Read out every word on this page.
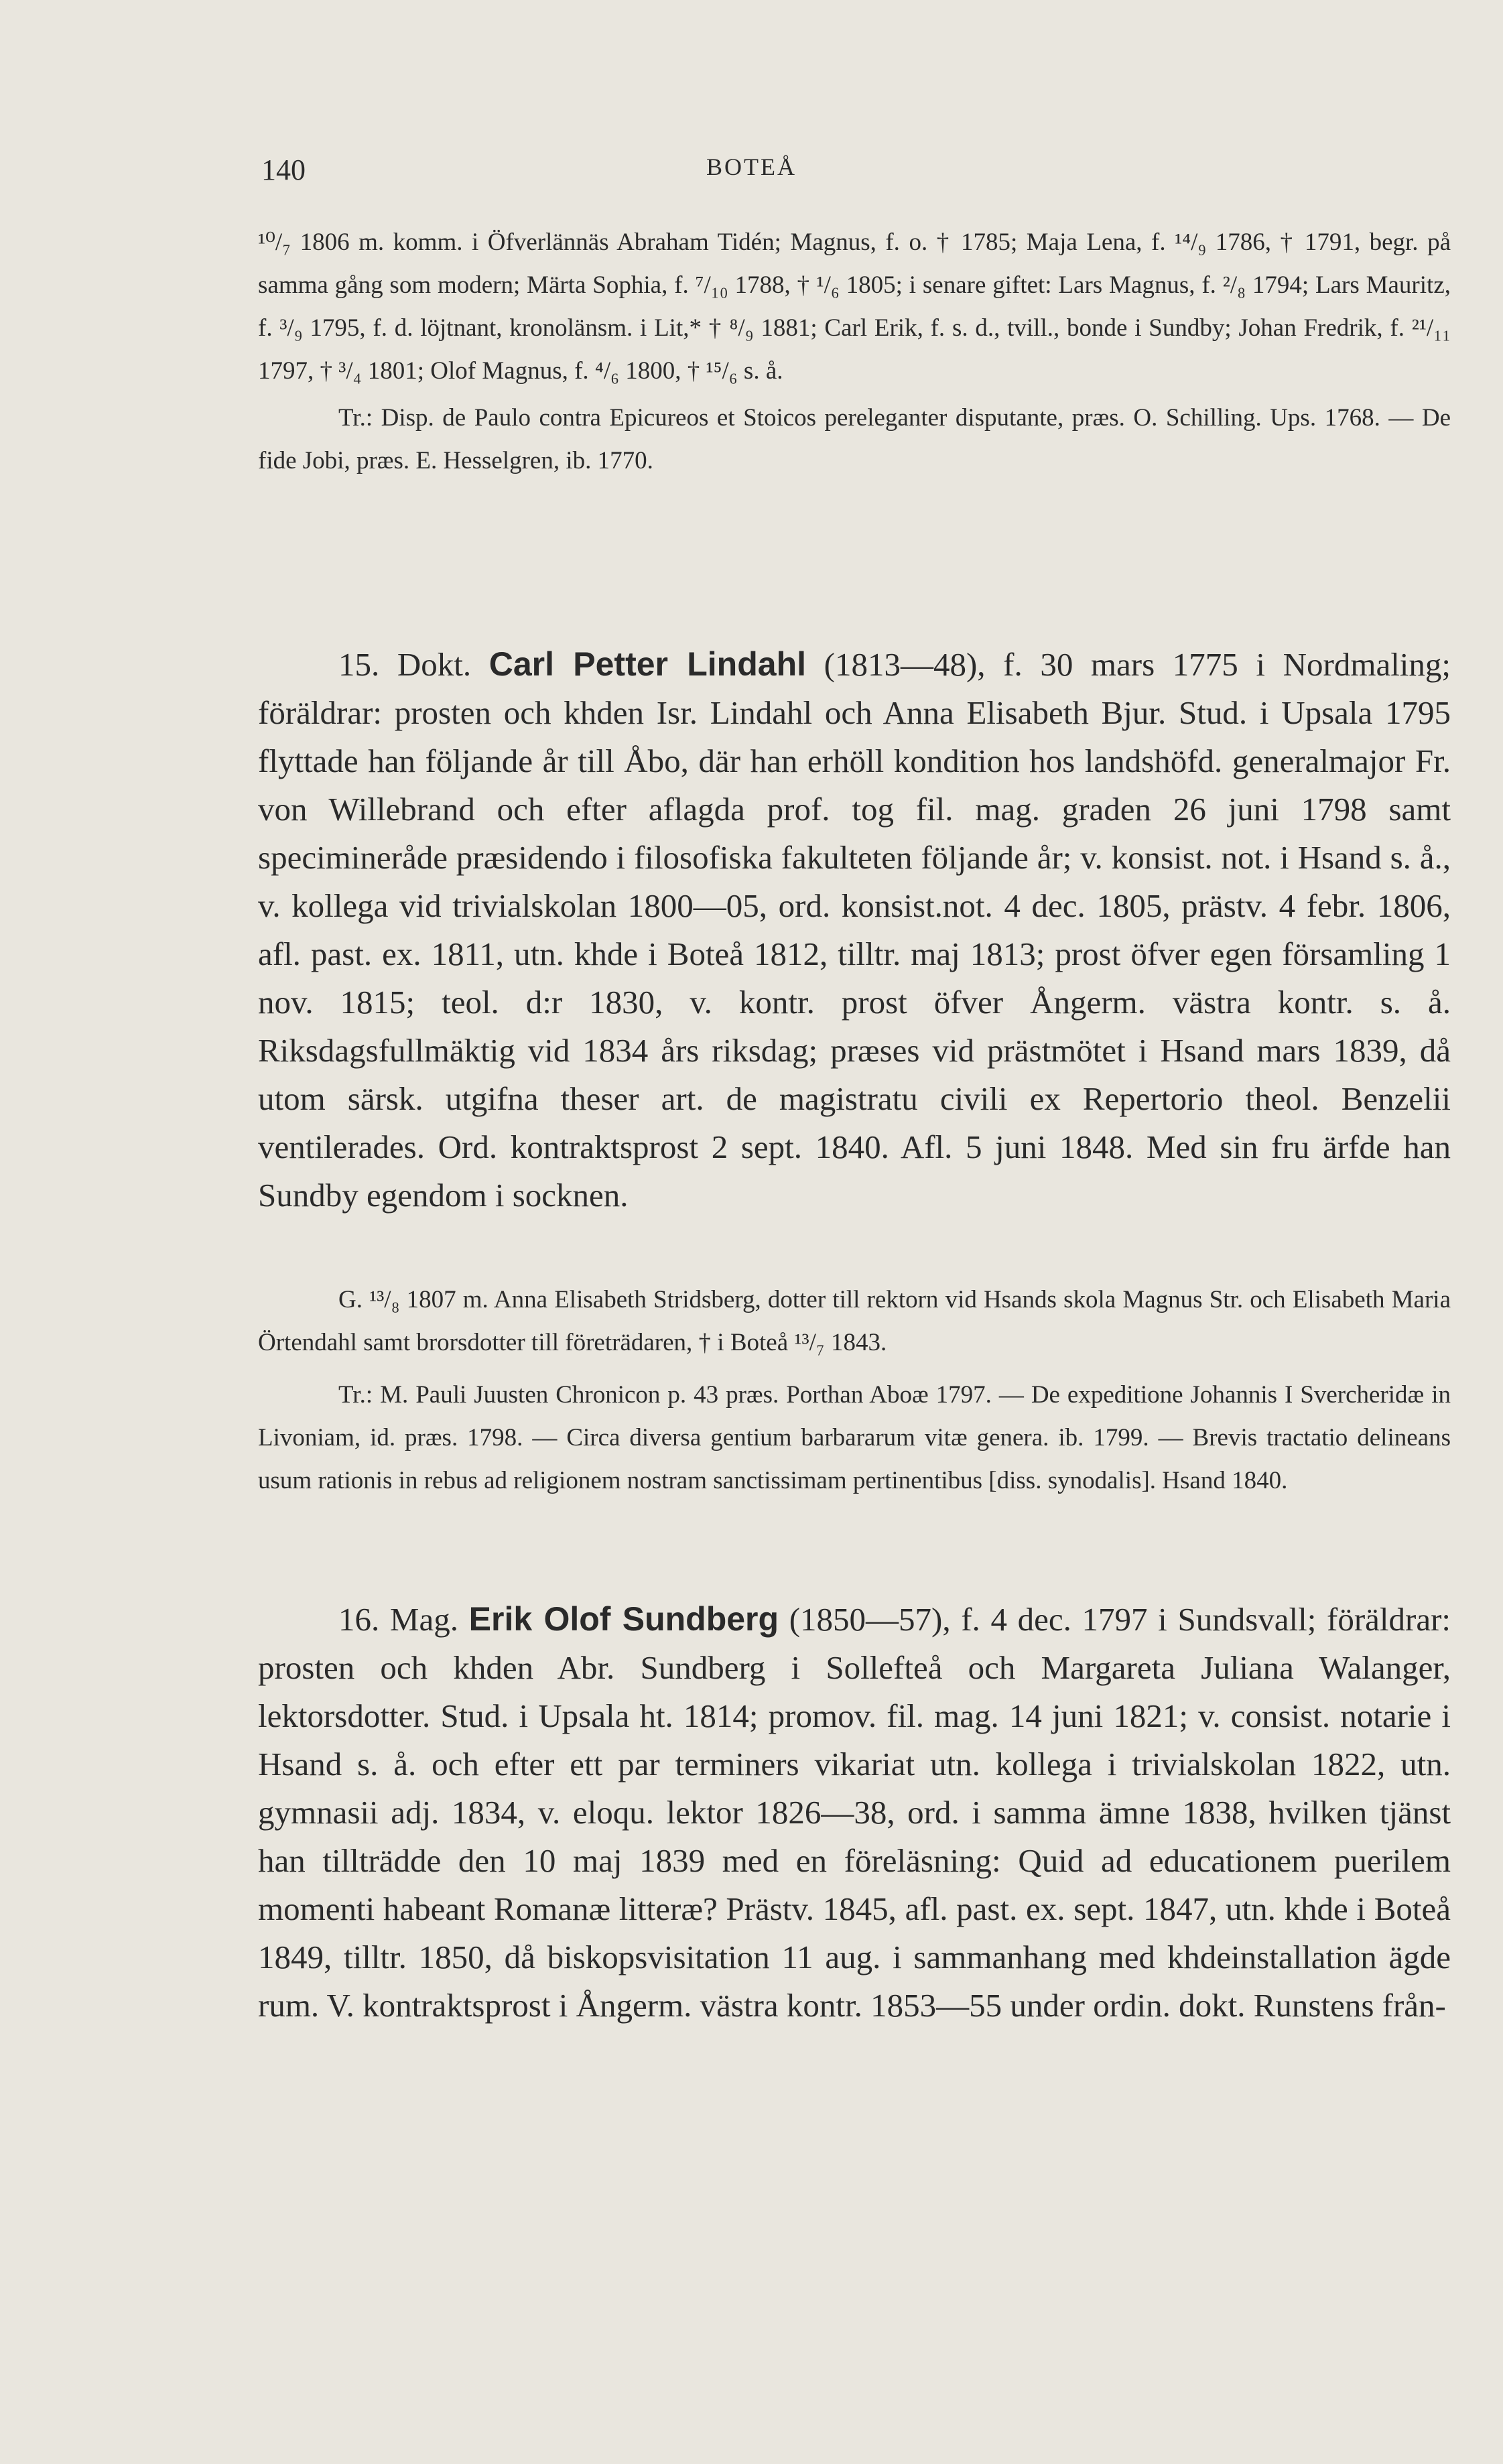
140	BOTEÅ

¹⁰/₇ 1806 m. komm. i Öfverlännäs Abraham Tidén; Magnus, f. o. † 1785; Maja Lena, f. ¹⁴/₉ 1786, † 1791, begr. på samma gång som modern; Märta Sophia, f. ⁷/₁₀ 1788, † ¹/₆ 1805; i senare giftet: Lars Magnus, f. ²/₈ 1794; Lars Mauritz, f. ³/₉ 1795, f. d. löjtnant, kronolänsm. i Lit,* † ⁸/₉ 1881; Carl Erik, f. s. d., tvill., bonde i Sundby; Johan Fredrik, f. ²¹/₁₁ 1797, † ³/₄ 1801; Olof Magnus, f. ⁴/₆ 1800, † ¹⁵/₆ s. å.

Tr.: Disp. de Paulo contra Epicureos et Stoicos pereleganter disputante, præs. O. Schilling. Ups. 1768. — De fide Jobi, præs. E. Hesselgren, ib. 1770.

15. Dokt. Carl Petter Lindahl (1813—48), f. 30 mars 1775 i Nordmaling; föräldrar: prosten och khden Isr. Lindahl och Anna Elisabeth Bjur. Stud. i Upsala 1795 flyttade han följande år till Åbo, där han erhöll kondition hos landshöfd. generalmajor Fr. von Willebrand och efter aflagda prof. tog fil. mag. graden 26 juni 1798 samt specimineråde præsidendo i filosofiska fakulteten följande år; v. konsist. not. i Hsand s. å., v. kollega vid trivialskolan 1800—05, ord. konsist.not. 4 dec. 1805, prästv. 4 febr. 1806, afl. past. ex. 1811, utn. khde i Boteå 1812, tilltr. maj 1813; prost öfver egen församling 1 nov. 1815; teol. d:r 1830, v. kontr. prost öfver Ångerm. västra kontr. s. å. Riksdagsfullmäktig vid 1834 års riksdag; præses vid prästmötet i Hsand mars 1839, då utom särsk. utgifna theser art. de magistratu civili ex Repertorio theol. Benzelii ventilerades. Ord. kontraktsprost 2 sept. 1840. Afl. 5 juni 1848. Med sin fru ärfde han Sundby egendom i socknen.

G. ¹³/₈ 1807 m. Anna Elisabeth Stridsberg, dotter till rektorn vid Hsands skola Magnus Str. och Elisabeth Maria Örtendahl samt brorsdotter till företrädaren, † i Boteå ¹³/₇ 1843.

Tr.: M. Pauli Juusten Chronicon p. 43 præs. Porthan Aboæ 1797. — De expeditione Johannis I Svercheridæ in Livoniam, id. præs. 1798. — Circa diversa gentium barbararum vitæ genera. ib. 1799. — Brevis tractatio delineans usum rationis in rebus ad religionem nostram sanctissimam pertinentibus [diss. synodalis]. Hsand 1840.

16. Mag. Erik Olof Sundberg (1850—57), f. 4 dec. 1797 i Sundsvall; föräldrar: prosten och khden Abr. Sundberg i Sollefteå och Margareta Juliana Walanger, lektorsdotter. Stud. i Upsala ht. 1814; promov. fil. mag. 14 juni 1821; v. consist. notarie i Hsand s. å. och efter ett par terminers vikariat utn. kollega i trivialskolan 1822, utn. gymnasii adj. 1834, v. eloqu. lektor 1826—38, ord. i samma ämne 1838, hvilken tjänst han tillträdde den 10 maj 1839 med en föreläsning: Quid ad educationem puerilem momenti habeant Romanæ litteræ? Prästv. 1845, afl. past. ex. sept. 1847, utn. khde i Boteå 1849, tilltr. 1850, då biskopsvisitation 11 aug. i sammanhang med khdeinstallation ägde rum. V. kontraktsprost i Ångerm. västra kontr. 1853—55 under ordin. dokt. Runstens från-
